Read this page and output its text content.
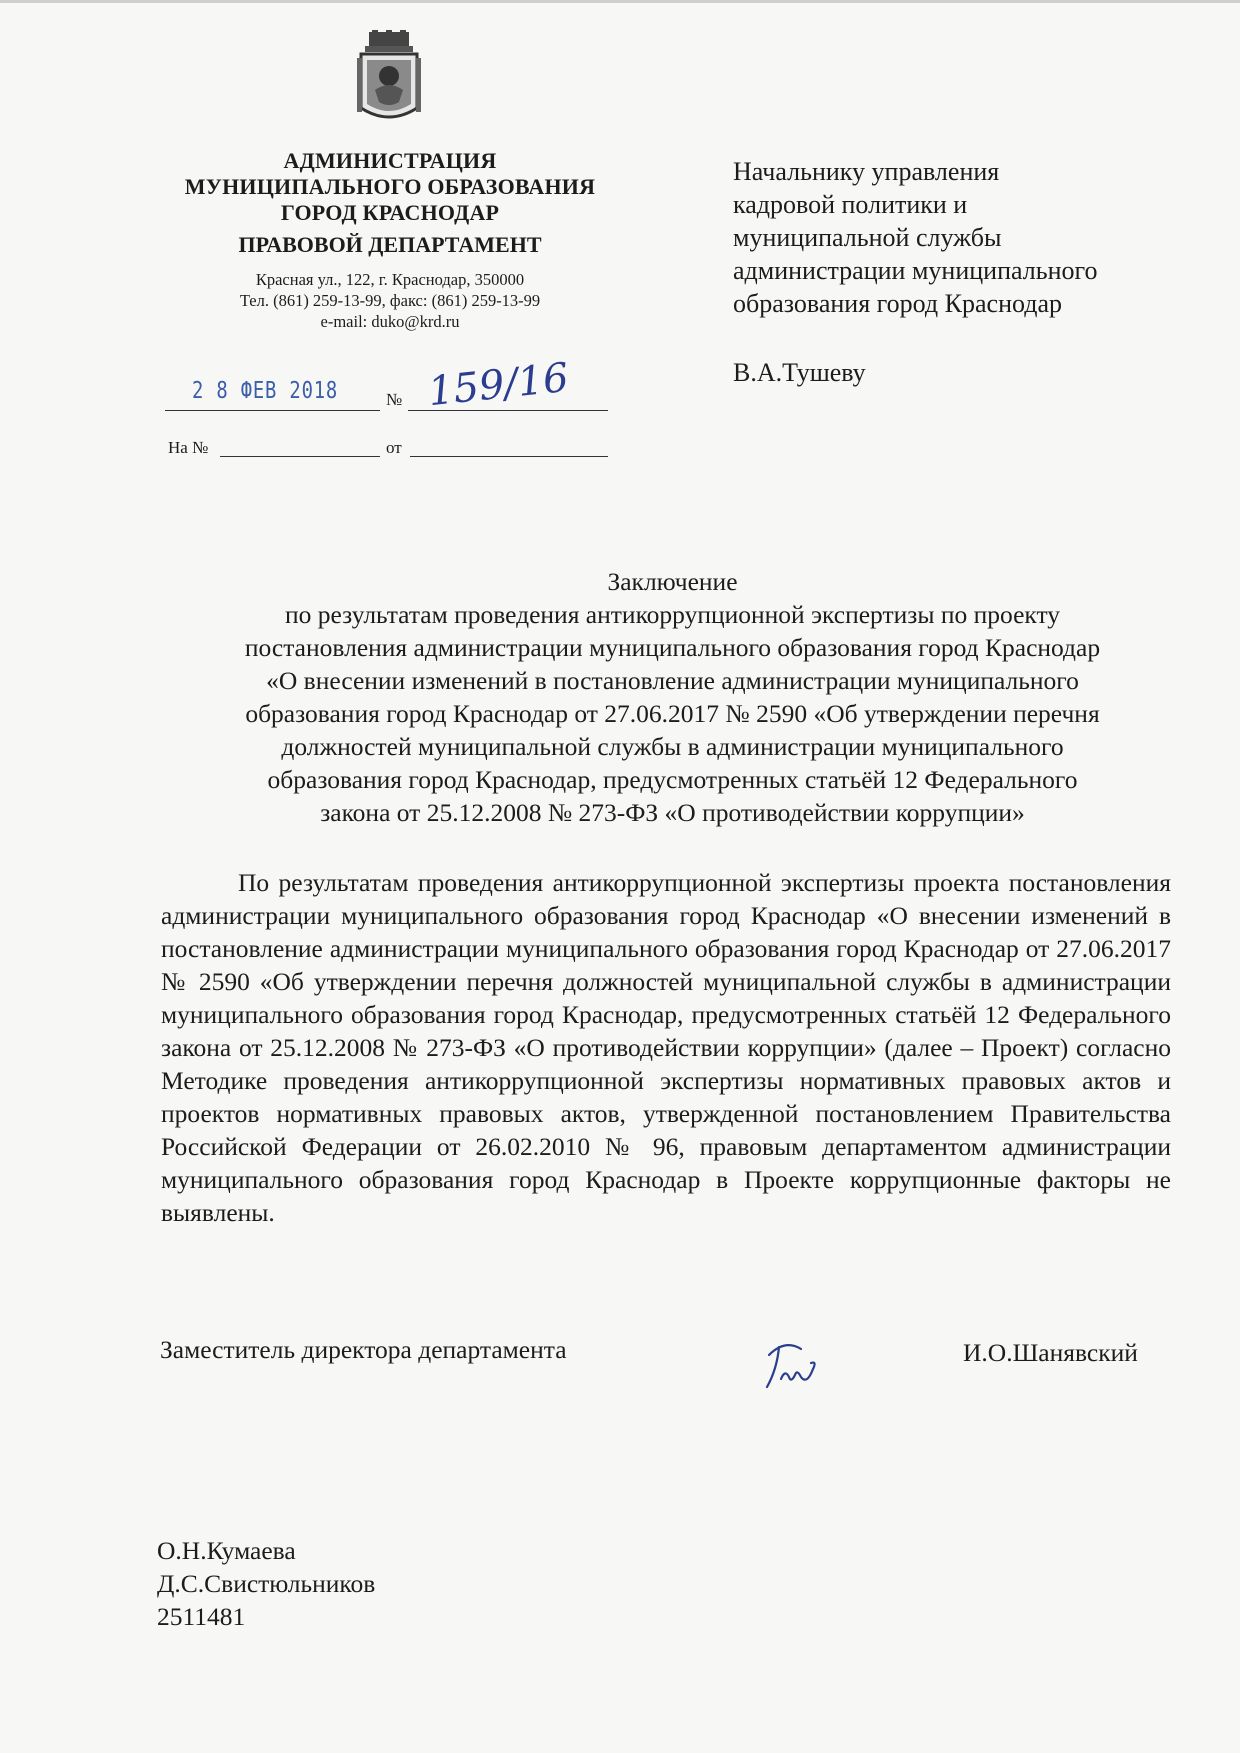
АДМИНИСТРАЦИЯ
МУНИЦИПАЛЬНОГО ОБРАЗОВАНИЯ
ГОРОД КРАСНОДАР
ПРАВОВОЙ ДЕПАРТАМЕНТ
Красная ул., 122, г. Краснодар, 350000
Тел. (861) 259-13-99, факс: (861) 259-13-99
e-mail: duko@krd.ru
№
2 8 ФЕВ 2018 159/16
На №	от
Начальнику управления
кадровой политики и
муниципальной службы
администрации муниципального
образования город Краснодар
В.А.Тушеву
Заключение
по результатам проведения антикоррупционной экспертизы по проекту
постановления администрации муниципального образования город Краснодар
«О внесении изменений в постановление администрации муниципального
образования город Краснодар от 27.06.2017 № 2590 «Об утверждении перечня
должностей муниципальной службы в администрации муниципального
образования город Краснодар, предусмотренных статьёй 12 Федерального
закона от 25.12.2008 № 273-ФЗ «О противодействии коррупции»
По результатам проведения антикоррупционной экспертизы проекта постановления администрации муниципального образования город Краснодар «О внесении изменений в постановление администрации муниципального образования город Краснодар от 27.06.2017 № 2590 «Об утверждении перечня должностей муниципальной службы в администрации муниципального образования город Краснодар, предусмотренных статьёй 12 Федерального закона от 25.12.2008 № 273-ФЗ «О противодействии коррупции» (далее – Проект) согласно Методике проведения антикоррупционной экспертизы нормативных правовых актов и проектов нормативных правовых актов, утвержденной постановлением Правительства Российской Федерации от 26.02.2010 № 96, правовым департаментом администрации муниципального образования город Краснодар в Проекте коррупционные факторы не выявлены.
Заместитель директора департамента	И.О.Шанявский
О.Н.Кумаева
Д.С.Свистюльников
2511481
